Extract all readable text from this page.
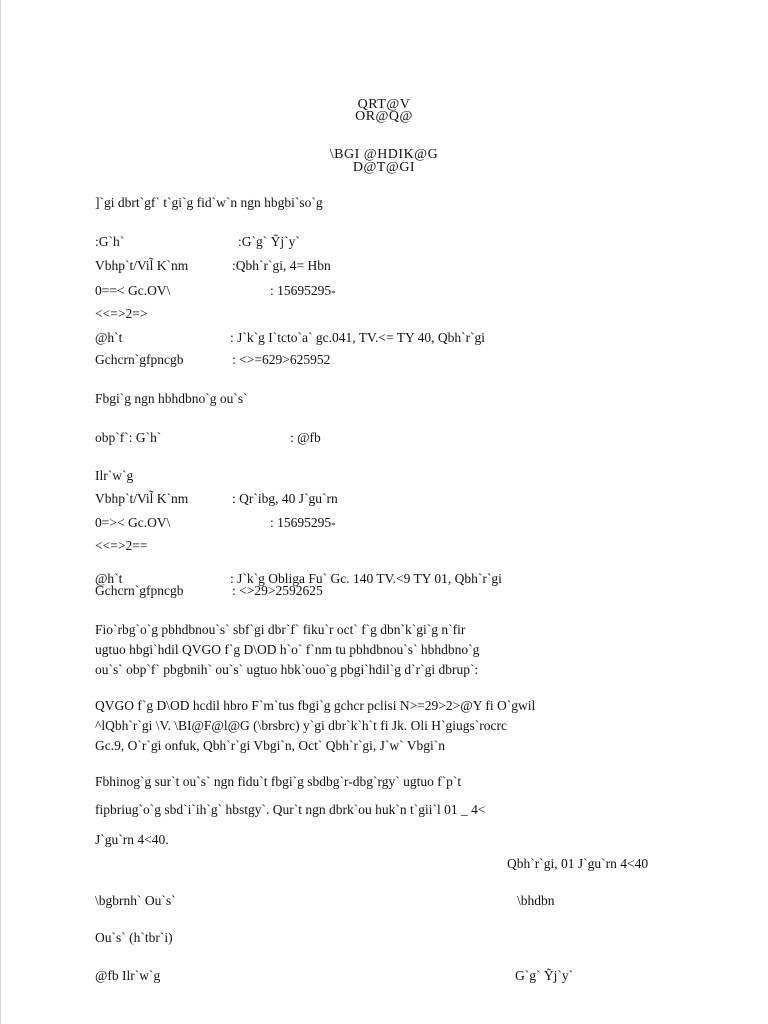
QRT@V
OR@Q@
\BGI @HDIK@G
D@T@GI
]`gi dbrt`gf` t`gi`g fid`w`n ngn hbgbi`so`g
:G`h`	:G`g` Ỹj`y`
Vbhp`t/Vil̃ K`nm	:Qbh`r`gi, 4= Hbn
0==< Gc.OV\	: 15695295-
<<=>2=>
@h`t	: J`k`g I`tcto`a` gc.041, TV.<= TY 40, Qbh`r`gi
Gchcrn`gfpncgb	: <>=629>625952
Fbgi`g ngn hbhdbno`g ou`s`
obp`f`: G`h`	: @fb
Ilr`w`g
Vbhp`t/Vil̃ K`nm	: Qr`ibg, 40 J`gu`rn
0=>< Gc.OV\	: 15695295-
<<=>2==
@h`t	: J`k`g Obliga Fu` Gc. 140 TV.<9 TY 01, Qbh`r`gi
Gchcrn`gfpncgb	: <>29>2592625
Fio`rbg`o`g pbhdbnou`s` sbf`gi dbr`f` fiku`r oct` f`g dbn`k`gi`g n`fir
ugtuo hbgi`hdil QVGO f`g D\OD h`o` f`nm tu pbhdbnou`s` hbhdbno`g
ou`s` obp`f` pbgbnih` ou`s` ugtuo hbk`ouo`g pbgi`hdil`g d`r`gi dbrup`:
QVGO f`g D\OD hcdil hbro F`m`tus fbgi`g gchcr pclisi N>=29>2>@Y fi O`gwil
^lQbh`r`gi \V. \BI@F@l@G (\brsbrc) y`gi dbr`k`h`t fi Jk. Oli H`giugs`rocrc
Gc.9, O`r`gi onfuk, Qbh`r`gi Vbgi`n, Oct` Qbh`r`gi, J`w` Vbgi`n
Fbhinog`g sur`t ou`s` ngn fidu`t fbgi`g sbdbg`r-dbg`rgy` ugtuo f`p`t
fipbriug`o`g sbd`i`ih`g` hbstgy`. Qur`t ngn dbrk`ou huk`n t`gii`l 01 _ 4<
J`gu`rn 4<40.
Qbh`r`gi, 01 J`gu`rn 4<40
\bgbrnh` Ou`s`	\bhdbn
Ou`s` (h`tbr`i)
@fb Ilr`w`g	G`g` Ỹj`y`
